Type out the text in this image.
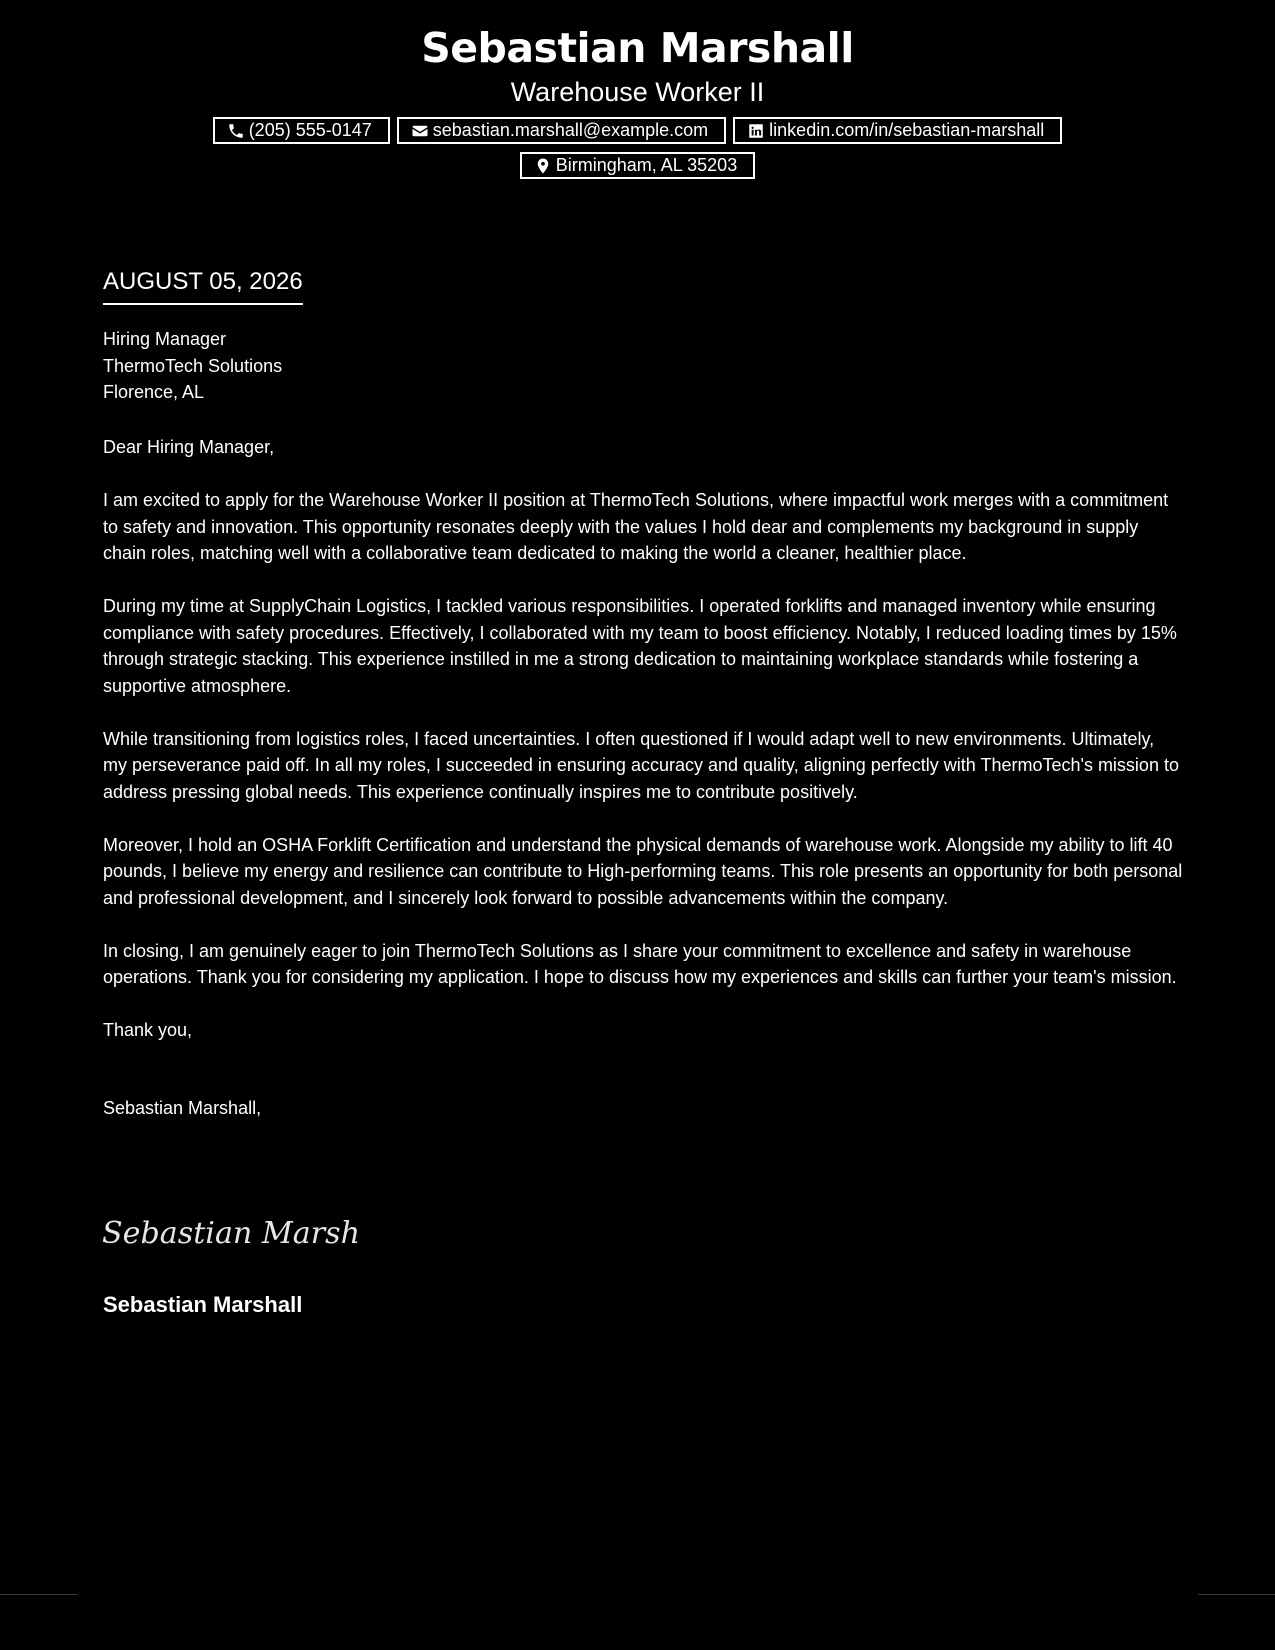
Sebastian Marshall
Warehouse Worker II
(205) 555-0147	sebastian.marshall@example.com	linkedin.com/in/sebastian-marshall
Birmingham, AL 35203
AUGUST 05, 2026
Hiring Manager
ThermoTech Solutions
Florence, AL

Dear Hiring Manager,

I am excited to apply for the Warehouse Worker II position at ThermoTech Solutions, where impactful work merges with a commitment to safety and innovation. This opportunity resonates deeply with the values I hold dear and complements my background in supply chain roles, matching well with a collaborative team dedicated to making the world a cleaner, healthier place.

During my time at SupplyChain Logistics, I tackled various responsibilities. I operated forklifts and managed inventory while ensuring compliance with safety procedures. Effectively, I collaborated with my team to boost efficiency. Notably, I reduced loading times by 15% through strategic stacking. This experience instilled in me a strong dedication to maintaining workplace standards while fostering a supportive atmosphere.

While transitioning from logistics roles, I faced uncertainties. I often questioned if I would adapt well to new environments. Ultimately, my perseverance paid off. In all my roles, I succeeded in ensuring accuracy and quality, aligning perfectly with ThermoTech's mission to address pressing global needs. This experience continually inspires me to contribute positively.

Moreover, I hold an OSHA Forklift Certification and understand the physical demands of warehouse work. Alongside my ability to lift 40 pounds, I believe my energy and resilience can contribute to High-performing teams. This role presents an opportunity for both personal and professional development, and I sincerely look forward to possible advancements within the company.

In closing, I am genuinely eager to join ThermoTech Solutions as I share your commitment to excellence and safety in warehouse operations. Thank you for considering my application. I hope to discuss how my experiences and skills can further your team's mission.

Thank you,

Sebastian Marshall,

Sebastian Marsh
Sebastian Marshall
